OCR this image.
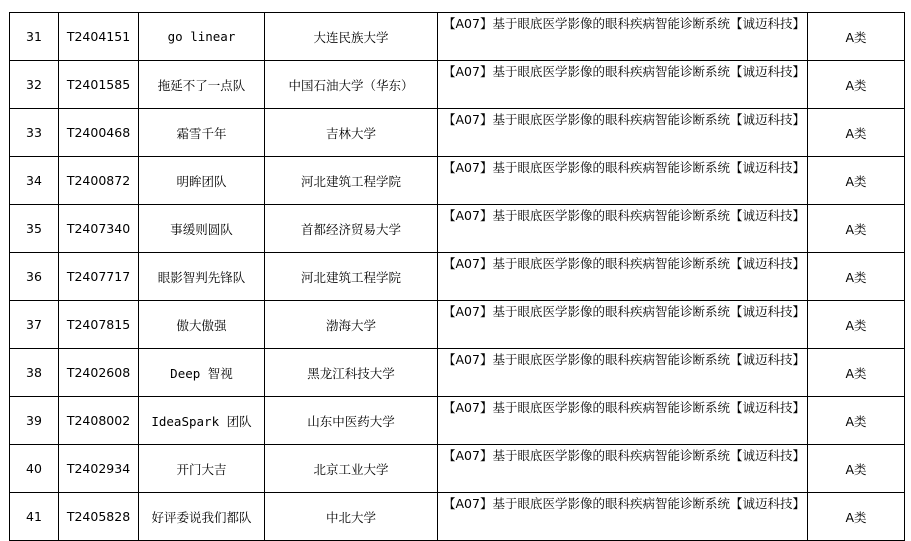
31	T2404151	go linear	大连民族大学	【A07】基于眼底医学影像的眼科疾病智能诊断系统【诚迈科技】	A类
32	T2401585	拖延不了一点队	中国石油大学（华东）	【A07】基于眼底医学影像的眼科疾病智能诊断系统【诚迈科技】	A类
33	T2400468	霜雪千年	吉林大学	【A07】基于眼底医学影像的眼科疾病智能诊断系统【诚迈科技】	A类
34	T2400872	明眸团队	河北建筑工程学院	【A07】基于眼底医学影像的眼科疾病智能诊断系统【诚迈科技】	A类
35	T2407340	事缓则圆队	首都经济贸易大学	【A07】基于眼底医学影像的眼科疾病智能诊断系统【诚迈科技】	A类
36	T2407717	眼影智判先锋队	河北建筑工程学院	【A07】基于眼底医学影像的眼科疾病智能诊断系统【诚迈科技】	A类
37	T2407815	傲大傲强	渤海大学	【A07】基于眼底医学影像的眼科疾病智能诊断系统【诚迈科技】	A类
38	T2402608	Deep 智视	黑龙江科技大学	【A07】基于眼底医学影像的眼科疾病智能诊断系统【诚迈科技】	A类
39	T2408002	IdeaSpark 团队	山东中医药大学	【A07】基于眼底医学影像的眼科疾病智能诊断系统【诚迈科技】	A类
40	T2402934	开门大吉	北京工业大学	【A07】基于眼底医学影像的眼科疾病智能诊断系统【诚迈科技】	A类
41	T2405828	好评委说我们都队	中北大学	【A07】基于眼底医学影像的眼科疾病智能诊断系统【诚迈科技】	A类
